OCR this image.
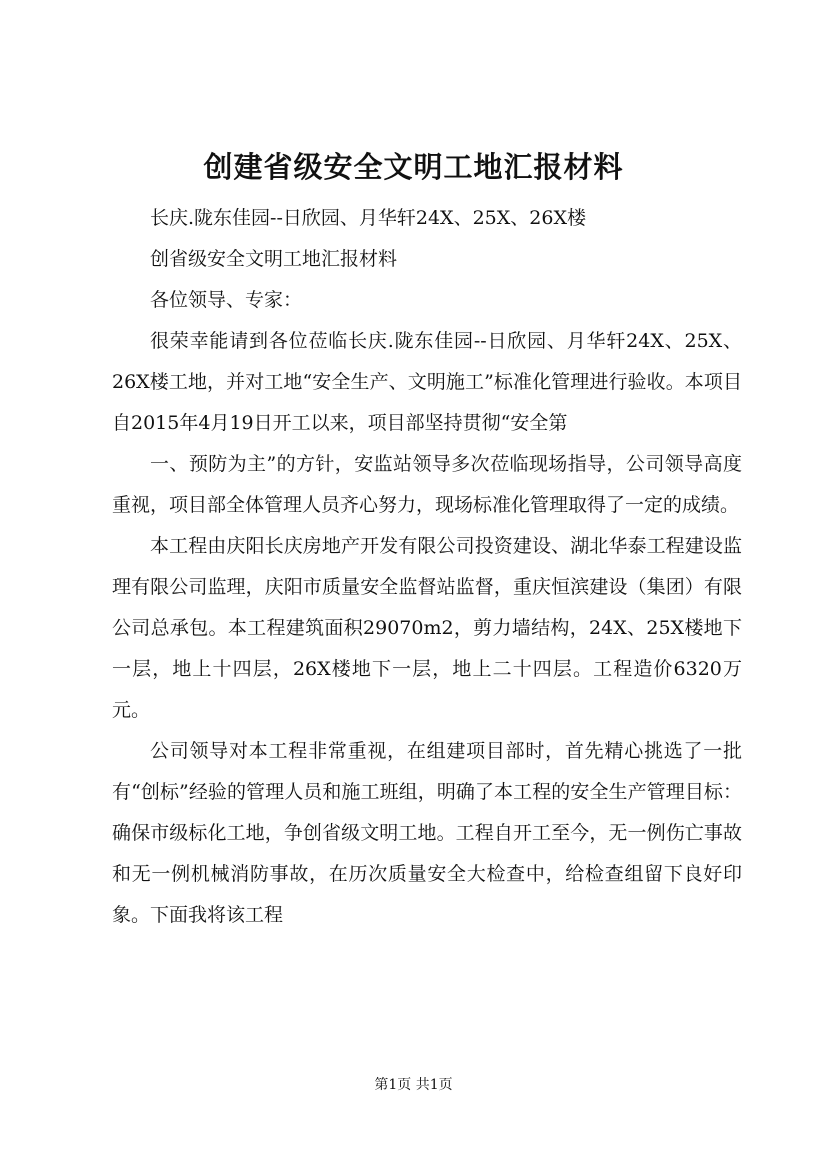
创建省级安全文明工地汇报材料

长庆.陇东佳园--日欣园、月华轩24X、25X、26X楼

创省级安全文明工地汇报材料

各位领导、专家：

很荣幸能请到各位莅临长庆.陇东佳园--日欣园、月华轩24X、25X、26X楼工地，并对工地“安全生产、文明施工”标准化管理进行验收。本项目自2015年4月19日开工以来，项目部坚持贯彻“安全第

一、预防为主”的方针，安监站领导多次莅临现场指导，公司领导高度重视，项目部全体管理人员齐心努力，现场标准化管理取得了一定的成绩。

本工程由庆阳长庆房地产开发有限公司投资建设、湖北华泰工程建设监理有限公司监理，庆阳市质量安全监督站监督，重庆恒滨建设（集团）有限公司总承包。本工程建筑面积29070m2，剪力墙结构，24X、25X楼地下一层，地上十四层，26X楼地下一层，地上二十四层。工程造价6320万元。

公司领导对本工程非常重视，在组建项目部时，首先精心挑选了一批有“创标”经验的管理人员和施工班组，明确了本工程的安全生产管理目标：确保市级标化工地，争创省级文明工地。工程自开工至今，无一例伤亡事故和无一例机械消防事故，在历次质量安全大检查中，给检查组留下良好印象。下面我将该工程

第1页 共1页
